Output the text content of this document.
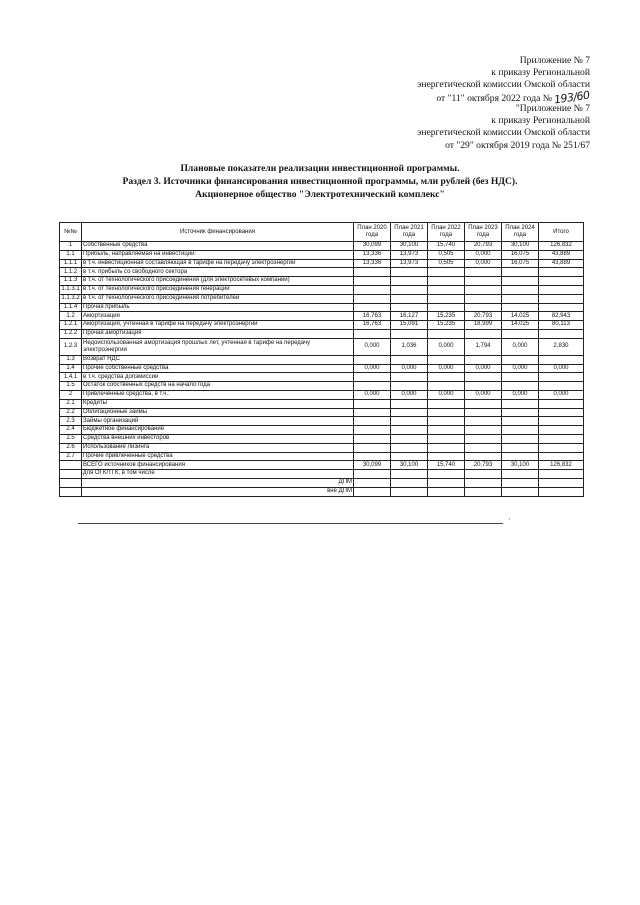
Приложение № 7
к приказу Региональной
энергетической комиссии Омской области
от "11" октября 2022 года № 193/60
"Приложение № 7
к приказу Региональной
энергетической комиссии Омской области
от "29" октября 2019 года № 251/67
Плановые показатели реализации инвестиционной программы.
Раздел 3. Источники финансирования инвестиционной программы, млн рублей (без НДС).
Акционерное общество "Электротехнический комплекс"
№№	Источник финансирования	План 2020 года	План 2021 года	План 2022 года	План 2023 года	План 2024 года	Итого
1	Собственные средства	30,099	30,100	15,740	20,793	30,100	126,832
1.1	Прибыль, направляемая на инвестиции:	13,336	13,973	0,505	0,000	16,075	43,889
1.1.1	в т.ч. инвестиционная составляющая в тарифе на передачу электроэнергии	13,336	13,973	0,505	0,000	16,075	43,889
1.1.2	в т.ч. прибыль со свободного сектора						
1.1.3	в т.ч. от технологического присоединения (для электросетевых компаний)						
1.1.3.1	в т.ч. от технологического присоединения генерации						
1.1.3.2	в т.ч. от технологического присоединения потребителей						
1.1.4	Прочая прибыль						
1.2	Амортизация	16,763	16,127	15,235	20,793	14,025	82,943
1.2.1	Амортизация, учтенная в тарифе на передачу электроэнергии	16,763	15,091	15,235	18,999	14,025	80,113
1.2.2	Прочая амортизация						
1.2.3	Недоиспользованная амортизация прошлых лет, учтенная в тарифе на передачу электроэнергии	0,000	1,036	0,000	1,794	0,000	2,830
1.3	Возврат НДС						
1.4	Прочие собственные средства	0,000	0,000	0,000	0,000	0,000	0,000
1.4.1	в т.ч. средства допэмиссии						
1.5	Остаток собственных средств на начало года						
2	Привлеченные средства, в т.ч.:	0,000	0,000	0,000	0,000	0,000	0,000
2.1	Кредиты						
2.2	Облигационные займы						
2.3	Займы организаций						
2.4	Бюджетное финансирование						
2.5	Средства внешних инвесторов						
2.6	Использование лизинга						
2.7	Прочие привлеченные средства						
	ВСЕГО источников финансирования	30,099	30,100	15,740	20,793	30,100	126,832
	для ОГК/ТГК, в том числе						
	ДПМ						
	вне ДПМ						
·
